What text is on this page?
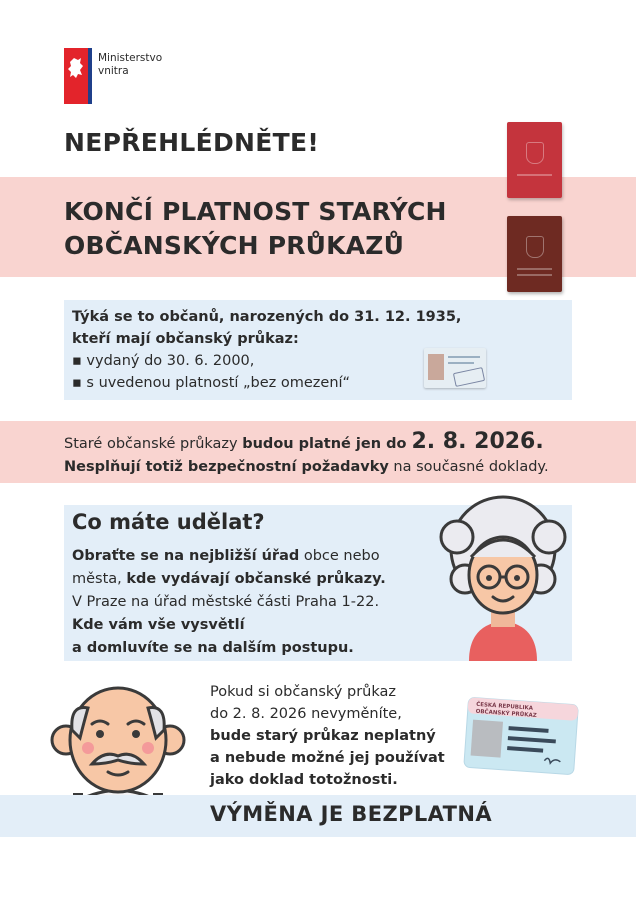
Ministerstvo
vnitra
NEPŘEHLÉDNĚTE!
KONČÍ PLATNOST STARÝCH
OBČANSKÝCH PRŮKAZŮ
Týká se to občanů, narozených do 31. 12. 1935,
kteří mají občanský průkaz:
▪ vydaný do 30. 6. 2000,
▪ s uvedenou platností „bez omezení“
Staré občanské průkazy budou platné jen do 2. 8. 2026.
Nesplňují totiž bezpečnostní požadavky na současné doklady.
Co máte udělat?
Obraťte se na nejbližší úřad obce nebo
města, kde vydávají občanské průkazy.
V Praze na úřad městské části Praha 1-22.
Kde vám vše vysvětlí
a domluvíte se na dalším postupu.
Pokud si občanský průkaz
do 2. 8. 2026 nevyměníte,
bude starý průkaz neplatný
a nebude možné jej používat
jako doklad totožnosti.
ČESKÁ REPUBLIKA
OBČANSKÝ PRŮKAZ
VÝMĚNA JE BEZPLATNÁ
